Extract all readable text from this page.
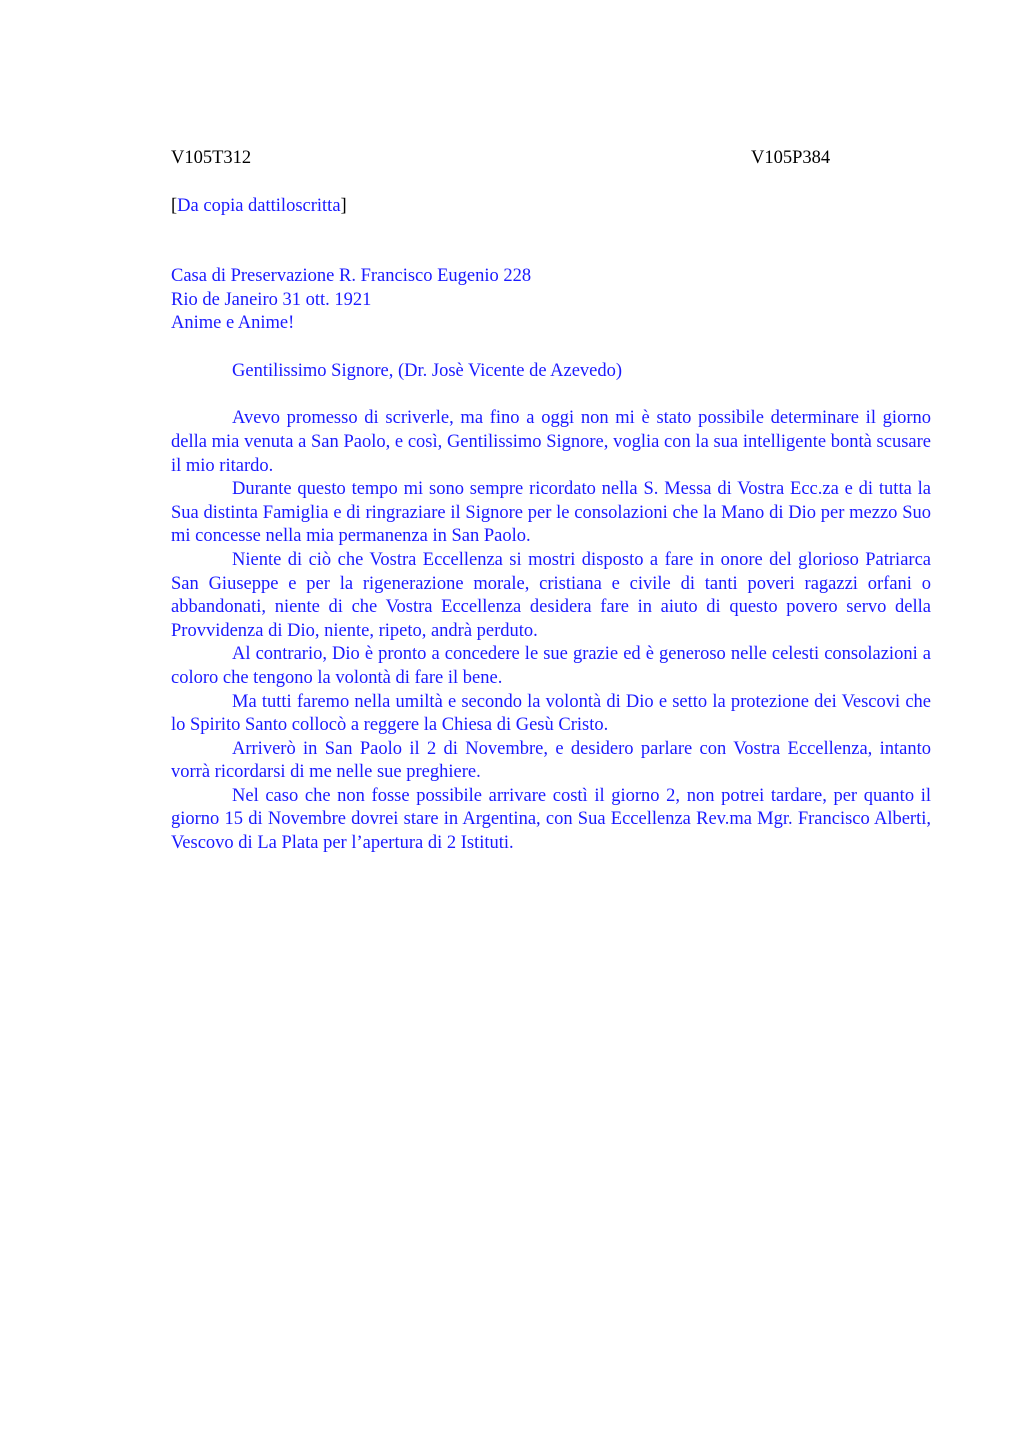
V105T312	V105P384
[Da copia dattiloscritta]
Casa di Preservazione R. Francisco Eugenio 228
Rio de Janeiro 31 ott. 1921
Anime e Anime!
Gentilissimo Signore, (Dr. Josè Vicente de Azevedo)

Avevo promesso di scriverle, ma fino a oggi non mi è stato possibile determinare il giorno della mia venuta a San Paolo, e così, Gentilissimo Signore, voglia con la sua intelligente bontà scusare il mio ritardo.

Durante questo tempo mi sono sempre ricordato nella S. Messa di Vostra Ecc.za e di tutta la Sua distinta Famiglia e di ringraziare il Signore per le consolazioni che la Mano di Dio per mezzo Suo mi concesse nella mia permanenza in San Paolo.

Niente di ciò che Vostra Eccellenza si mostri disposto a fare in onore del glorioso Patriarca San Giuseppe e per la rigenerazione morale, cristiana e civile di tanti poveri ragazzi orfani o abbandonati, niente di che Vostra Eccellenza desidera fare in aiuto di questo povero servo della Provvidenza di Dio, niente, ripeto, andrà perduto.

Al contrario, Dio è pronto a concedere le sue grazie ed è generoso nelle celesti consolazioni a coloro che tengono la volontà di fare il bene.

Ma tutti faremo nella umiltà e secondo la volontà di Dio e setto la protezione dei Vescovi che lo Spirito Santo collocò a reggere la Chiesa di Gesù Cristo.

Arriverò in San Paolo il 2 di Novembre, e desidero parlare con Vostra Eccellenza, intanto vorrà ricordarsi di me nelle sue preghiere.

Nel caso che non fosse possibile arrivare costì il giorno 2, non potrei tardare, per quanto il giorno 15 di Novembre dovrei stare in Argentina, con Sua Eccellenza Rev.ma Mgr. Francisco Alberti, Vescovo di La Plata per l’apertura di 2 Istituti.
